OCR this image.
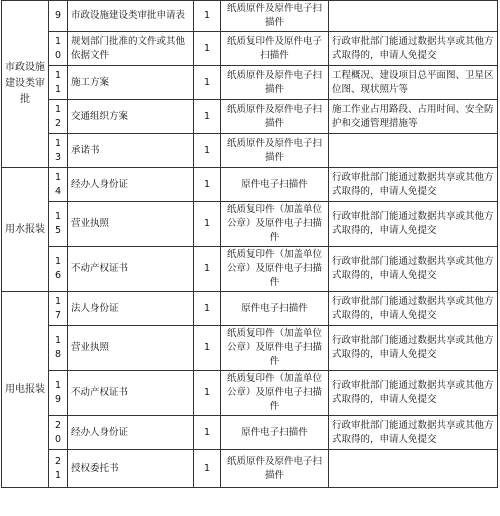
市政设施建设类审批	9	市政设施建设类审批申请表	1	纸质原件及原件电子扫描件	
	10	规划部门批准的文件或其他依据文件	1	纸质复印件及原件电子扫描件	行政审批部门能通过数据共享或其他方式取得的，申请人免提交
	11	施工方案	1	纸质原件及原件电子扫描件	工程概况、建设项目总平面图、卫星区位图、现状照片等
	12	交通组织方案	1	纸质原件及原件电子扫描件	施工作业占用路段、占用时间、安全防护和交通管理措施等
	13	承诺书	1	纸质原件及原件电子扫描件	
用水报装	14	经办人身份证	1	原件电子扫描件	行政审批部门能通过数据共享或其他方式取得的，申请人免提交
	15	营业执照	1	纸质复印件（加盖单位公章）及原件电子扫描件	行政审批部门能通过数据共享或其他方式取得的，申请人免提交
	16	不动产权证书	1	纸质复印件（加盖单位公章）及原件电子扫描件	行政审批部门能通过数据共享或其他方式取得的，申请人免提交
用电报装	17	法人身份证	1	原件电子扫描件	行政审批部门能通过数据共享或其他方式取得的，申请人免提交
	18	营业执照	1	纸质复印件（加盖单位公章）及原件电子扫描件	行政审批部门能通过数据共享或其他方式取得的，申请人免提交
	19	不动产权证书	1	纸质复印件（加盖单位公章）及原件电子扫描件	行政审批部门能通过数据共享或其他方式取得的，申请人免提交
	20	经办人身份证	1	原件电子扫描件	行政审批部门能通过数据共享或其他方式取得的，申请人免提交
	21	授权委托书	1	纸质原件及原件电子扫描件	
